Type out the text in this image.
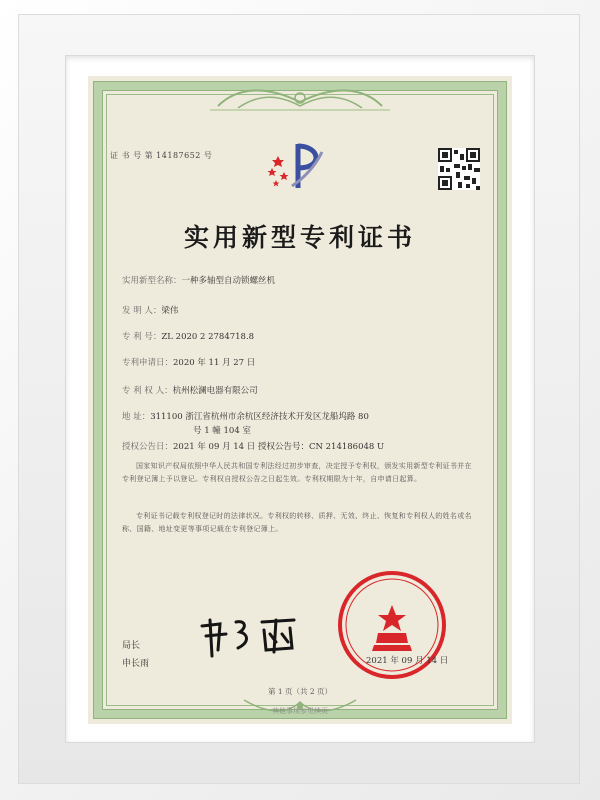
证 书 号 第 14187652 号
实用新型专利证书
实用新型名称：一种多轴型自动锁螺丝机
发 明 人：梁伟
专 利 号：ZL 2020 2 2784718.8
专利申请日：2020 年 11 月 27 日
专 利 权 人：杭州松澜电器有限公司
地 址：311100 浙江省杭州市余杭区经济技术开发区龙船坞路 80
号 1 幢 104 室
授权公告日：2021 年 09 月 14 日 授权公告号：CN 214186048 U
国家知识产权局依照中华人民共和国专利法经过初步审查，决定授予专利权，颁发实用新型专利证书并在专利登记簿上予以登记。专利权自授权公告之日起生效。专利权期限为十年，自申请日起算。
专利证书记载专利权登记时的法律状况。专利权的转移、质押、无效、终止、恢复和专利权人的姓名或名称、国籍、地址变更等事项记载在专利登记簿上。
局长
申长雨	2021 年 09 月 14 日
第 1 页（共 2 页）
其他事项参见续页
